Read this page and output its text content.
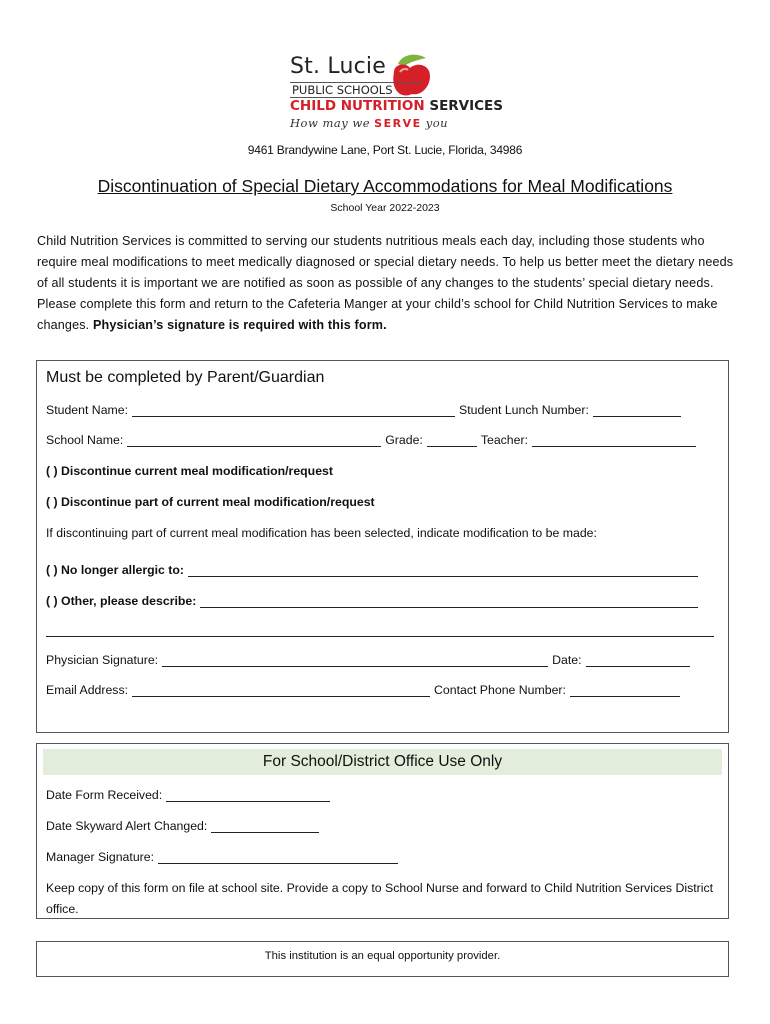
St. Lucie
PUBLIC SCHOOLS
CHILD NUTRITION SERVICES
How may we SERVE you
9461 Brandywine Lane, Port St. Lucie, Florida, 34986
Discontinuation of Special Dietary Accommodations for Meal Modifications
School Year 2022-2023
Child Nutrition Services is committed to serving our students nutritious meals each day, including those students who require meal modifications to meet medically diagnosed or special dietary needs. To help us better meet the dietary needs of all students it is important we are notified as soon as possible of any changes to the students’ special dietary needs. Please complete this form and return to the Cafeteria Manger at your child’s school for Child Nutrition Services to make changes. Physician’s signature is required with this form.
Must be completed by Parent/Guardian
Student Name:	Student Lunch Number:
School Name:	Grade:	Teacher:
( ) Discontinue current meal modification/request
( ) Discontinue part of current meal modification/request
If discontinuing part of current meal modification has been selected, indicate modification to be made:
( ) No longer allergic to:
( ) Other, please describe:
Physician Signature:	Date:
Email Address:	Contact Phone Number:
For School/District Office Use Only
Date Form Received:
Date Skyward Alert Changed:
Manager Signature:
Keep copy of this form on file at school site. Provide a copy to School Nurse and forward to Child Nutrition Services District office.
This institution is an equal opportunity provider.
